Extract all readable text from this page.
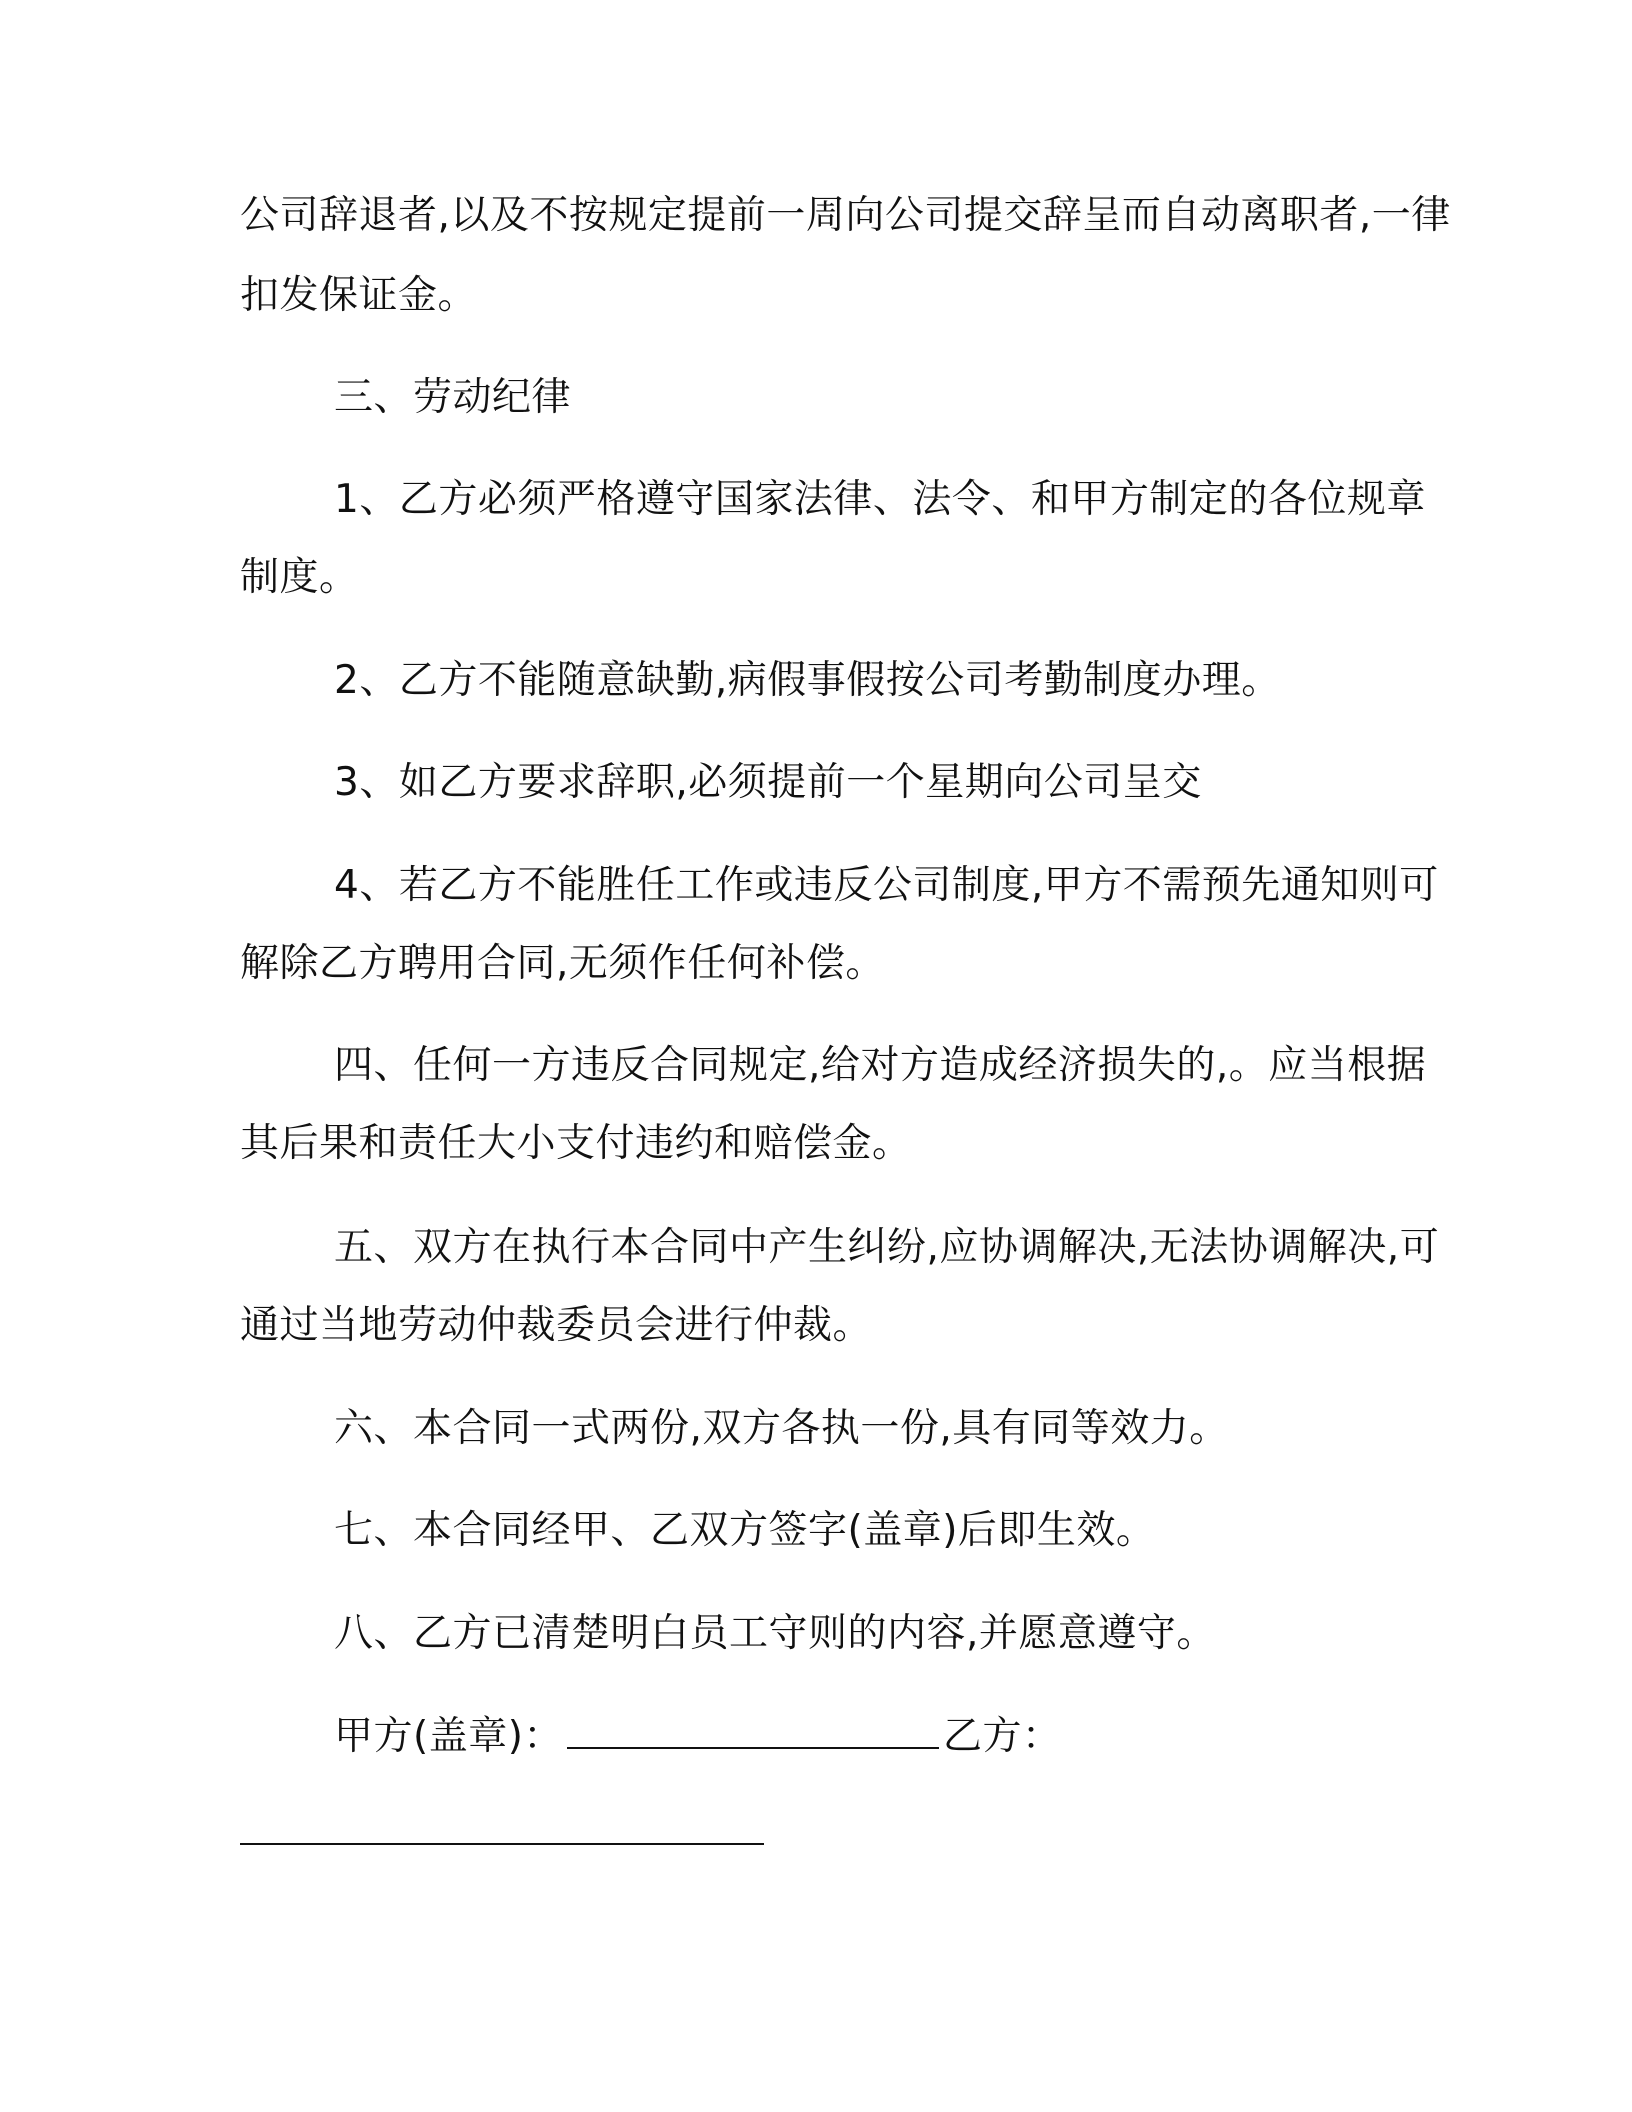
公司辞退者,以及不按规定提前一周向公司提交辞呈而自动离职者,一律
扣发保证金。
三、劳动纪律
1、乙方必须严格遵守国家法律、法令、和甲方制定的各位规章
制度。
2、乙方不能随意缺勤,病假事假按公司考勤制度办理。
3、如乙方要求辞职,必须提前一个星期向公司呈交
4、若乙方不能胜任工作或违反公司制度,甲方不需预先通知则可
解除乙方聘用合同,无须作任何补偿。
四、任何一方违反合同规定,给对方造成经济损失的,。应当根据
其后果和责任大小支付违约和赔偿金。
五、双方在执行本合同中产生纠纷,应协调解决,无法协调解决,可
通过当地劳动仲裁委员会进行仲裁。
六、本合同一式两份,双方各执一份,具有同等效力。
七、本合同经甲、乙双方签字(盖章)后即生效。
八、乙方已清楚明白员工守则的内容,并愿意遵守。
甲方(盖章)：	乙方：
